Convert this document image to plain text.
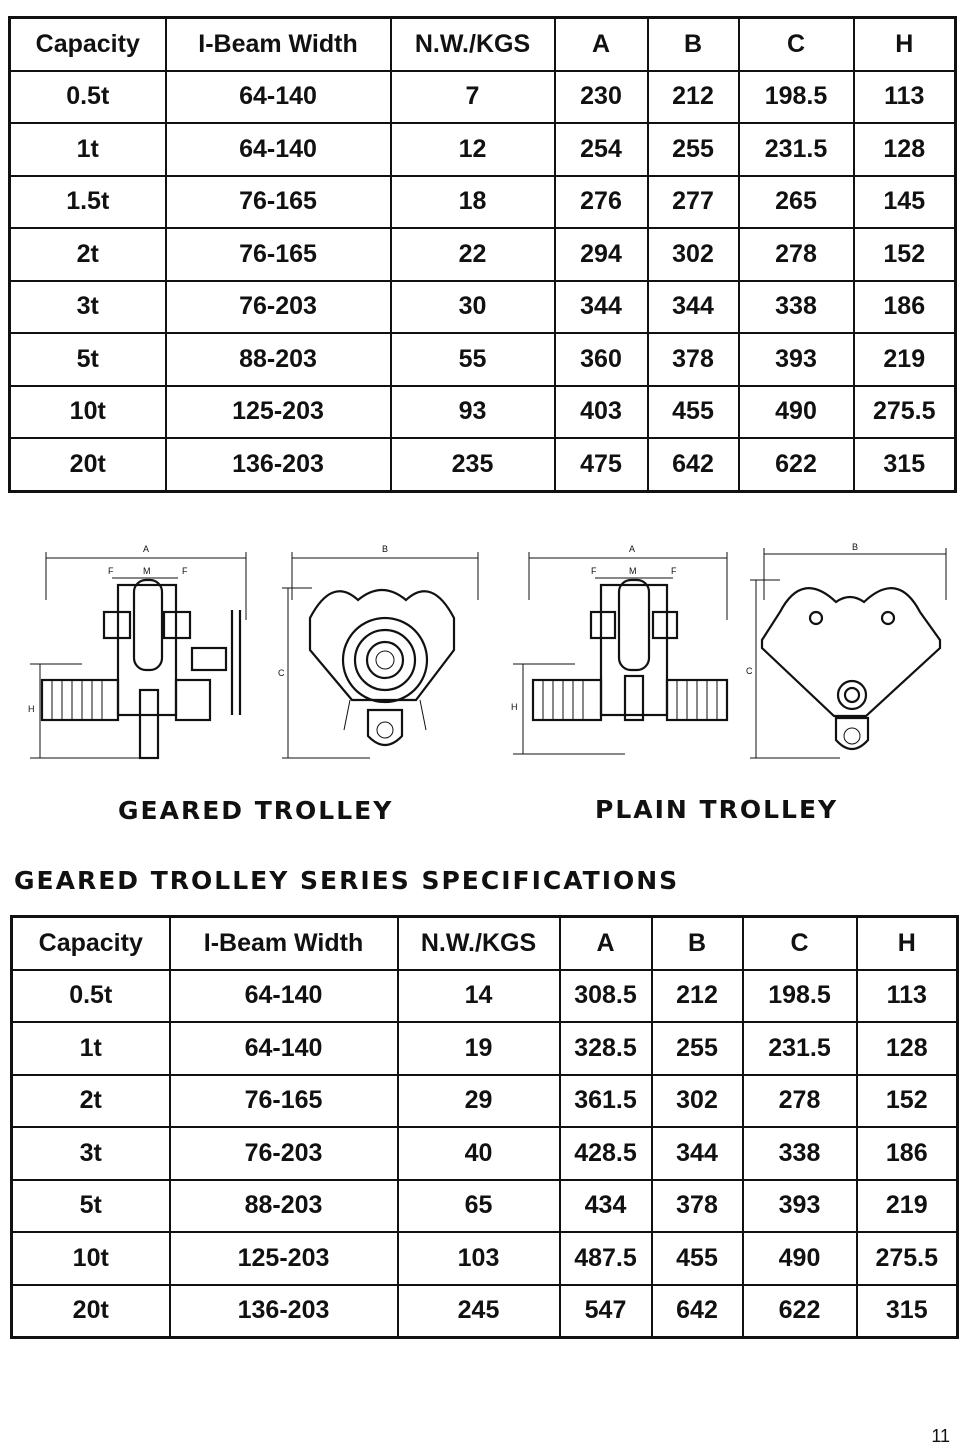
Capacity	I-Beam Width	N.W./KGS	A	B	C	H
0.5t	64-140	7	230	212	198.5	113
1t	64-140	12	254	255	231.5	128
1.5t	76-165	18	276	277	265	145
2t	76-165	22	294	302	278	152
3t	76-203	30	344	344	338	186
5t	88-203	55	360	378	393	219
10t	125-203	93	403	455	490	275.5
20t	136-203	235	475	642	622	315
A
F	M	F
H
B
C
A
F	M	F
H
B
C
GEARED TROLLEY	PLAIN TROLLEY
GEARED TROLLEY SERIES SPECIFICATIONS
Capacity	I-Beam Width	N.W./KGS	A	B	C	H
0.5t	64-140	14	308.5	212	198.5	113
1t	64-140	19	328.5	255	231.5	128
2t	76-165	29	361.5	302	278	152
3t	76-203	40	428.5	344	338	186
5t	88-203	65	434	378	393	219
10t	125-203	103	487.5	455	490	275.5
20t	136-203	245	547	642	622	315
11
